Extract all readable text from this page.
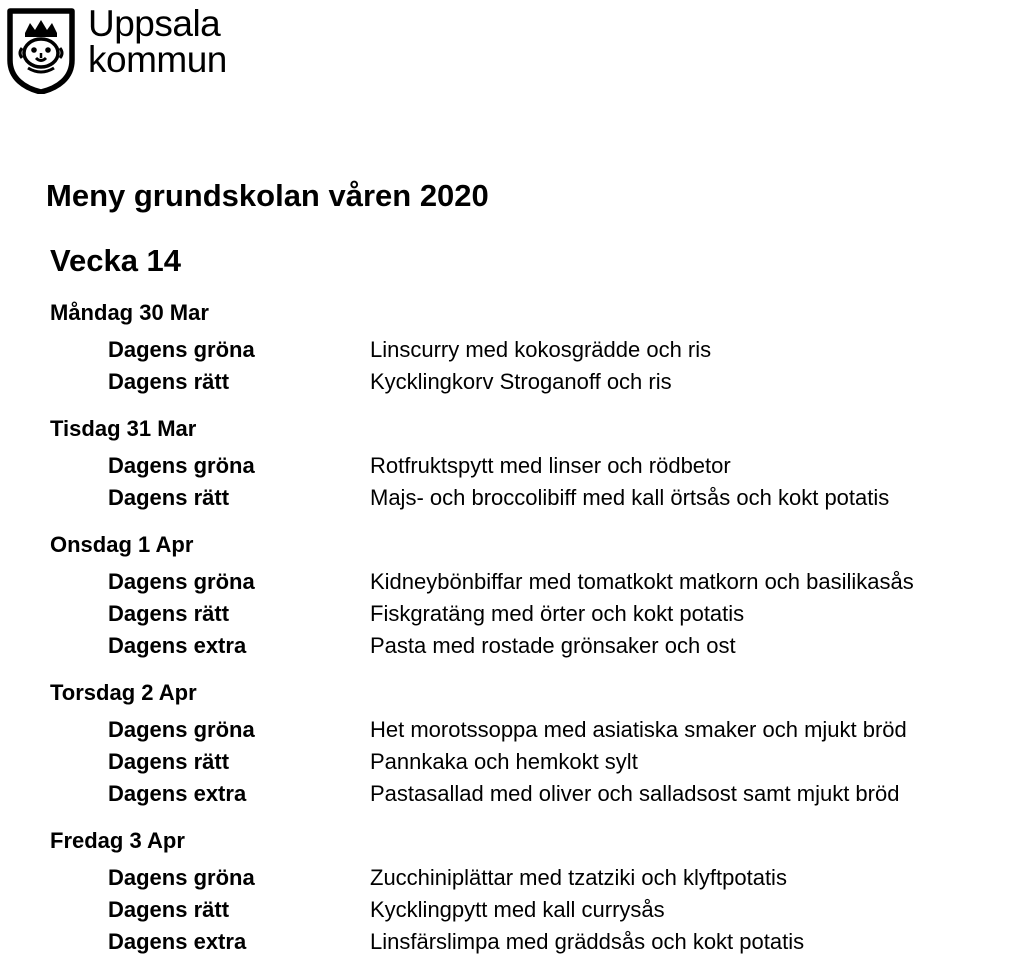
Uppsala
kommun
Meny grundskolan våren 2020
Vecka 14
Måndag 30 Mar
Dagens gröna	Linscurry med kokosgrädde och ris
Dagens rätt	Kycklingkorv Stroganoff och ris
Tisdag 31 Mar
Dagens gröna	Rotfruktspytt med linser och rödbetor
Dagens rätt	Majs- och broccolibiff med kall örtsås och kokt potatis
Onsdag 1 Apr
Dagens gröna	Kidneybönbiffar med tomatkokt matkorn och basilikasås
Dagens rätt	Fiskgratäng med örter och kokt potatis
Dagens extra	Pasta med rostade grönsaker och ost
Torsdag 2 Apr
Dagens gröna	Het morotssoppa med asiatiska smaker och mjukt bröd
Dagens rätt	Pannkaka och hemkokt sylt
Dagens extra	Pastasallad med oliver och salladsost samt mjukt bröd
Fredag 3 Apr
Dagens gröna	Zucchiniplättar med tzatziki och klyftpotatis
Dagens rätt	Kycklingpytt med kall currysås
Dagens extra	Linsfärslimpa med gräddsås och kokt potatis
